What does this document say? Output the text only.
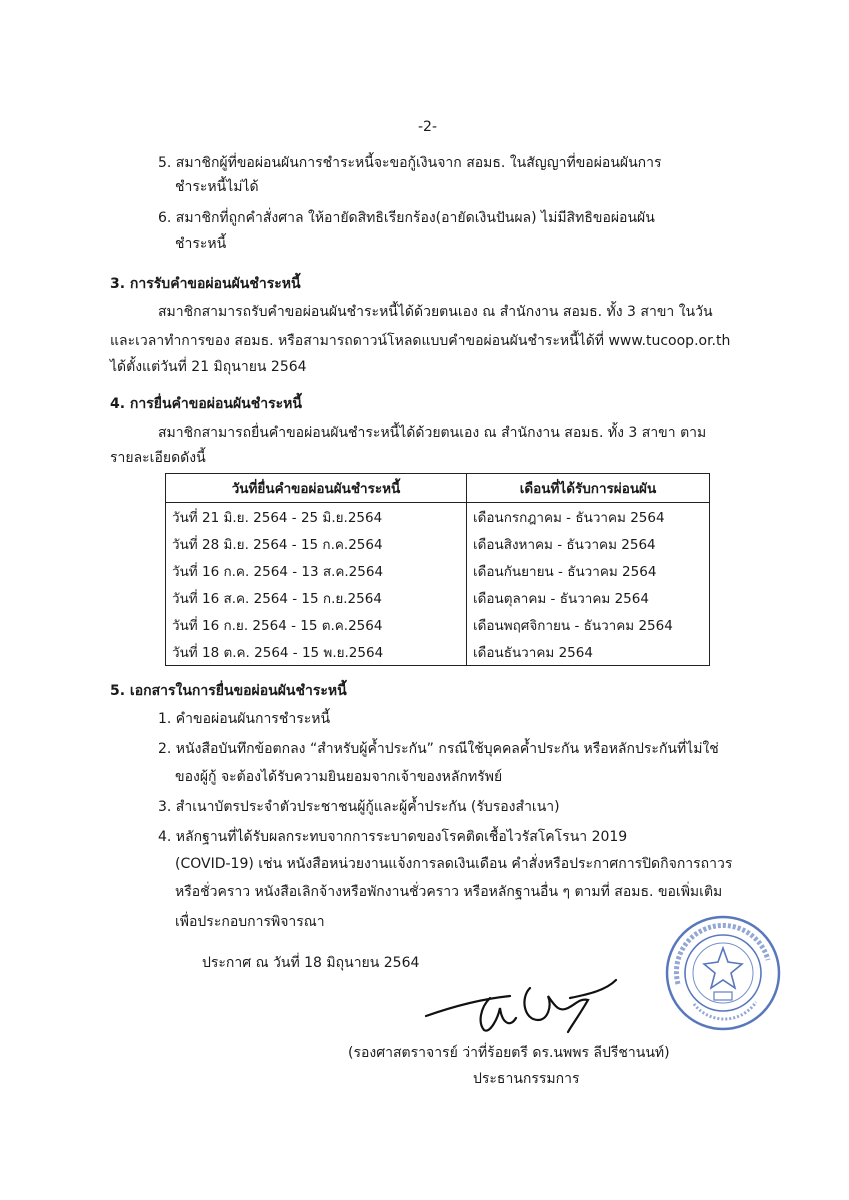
-2-
5. สมาชิกผู้ที่ขอผ่อนผันการชำระหนี้จะขอกู้เงินจาก สอมธ. ในสัญญาที่ขอผ่อนผันการ
ชำระหนี้ไม่ได้
6. สมาชิกที่ถูกคำสั่งศาล ให้อายัดสิทธิเรียกร้อง(อายัดเงินปันผล) ไม่มีสิทธิขอผ่อนผัน
ชำระหนี้
3. การรับคำขอผ่อนผันชำระหนี้
สมาชิกสามารถรับคำขอผ่อนผันชำระหนี้ได้ด้วยตนเอง ณ สำนักงาน สอมธ. ทั้ง 3 สาขา ในวัน
และเวลาทำการของ สอมธ. หรือสามารถดาวน์โหลดแบบคำขอผ่อนผันชำระหนี้ได้ที่ www.tucoop.or.th
ได้ตั้งแต่วันที่ 21 มิถุนายน 2564
4. การยื่นคำขอผ่อนผันชำระหนี้
สมาชิกสามารถยื่นคำขอผ่อนผันชำระหนี้ได้ด้วยตนเอง ณ สำนักงาน สอมธ. ทั้ง 3 สาขา ตาม
รายละเอียดดังนี้
วันที่ยื่นคำขอผ่อนผันชำระหนี้	เดือนที่ได้รับการผ่อนผัน
วันที่ 21 มิ.ย. 2564 - 25 มิ.ย.2564	เดือนกรกฎาคม - ธันวาคม 2564
วันที่ 28 มิ.ย. 2564 - 15 ก.ค.2564	เดือนสิงหาคม - ธันวาคม 2564
วันที่ 16 ก.ค. 2564 - 13 ส.ค.2564	เดือนกันยายน - ธันวาคม 2564
วันที่ 16 ส.ค. 2564 - 15 ก.ย.2564	เดือนตุลาคม - ธันวาคม 2564
วันที่ 16 ก.ย. 2564 - 15 ต.ค.2564	เดือนพฤศจิกายน - ธันวาคม 2564
วันที่ 18 ต.ค. 2564 - 15 พ.ย.2564	เดือนธันวาคม 2564
5. เอกสารในการยื่นขอผ่อนผันชำระหนี้
1. คำขอผ่อนผันการชำระหนี้
2. หนังสือบันทึกข้อตกลง “สำหรับผู้ค้ำประกัน” กรณีใช้บุคคลค้ำประกัน หรือหลักประกันที่ไม่ใช่
ของผู้กู้ จะต้องได้รับความยินยอมจากเจ้าของหลักทรัพย์
3. สำเนาบัตรประจำตัวประชาชนผู้กู้และผู้ค้ำประกัน (รับรองสำเนา)
4. หลักฐานที่ได้รับผลกระทบจากการระบาดของโรคติดเชื้อไวรัสโคโรนา 2019
(COVID-19) เช่น หนังสือหน่วยงานแจ้งการลดเงินเดือน คำสั่งหรือประกาศการปิดกิจการถาวร
หรือชั่วคราว หนังสือเลิกจ้างหรือพักงานชั่วคราว หรือหลักฐานอื่น ๆ ตามที่ สอมธ. ขอเพิ่มเติม
เพื่อประกอบการพิจารณา
ประกาศ ณ วันที่ 18 มิถุนายน 2564
(รองศาสตราจารย์ ว่าที่ร้อยตรี ดร.นพพร ลีปรีชานนท์)
ประธานกรรมการ
